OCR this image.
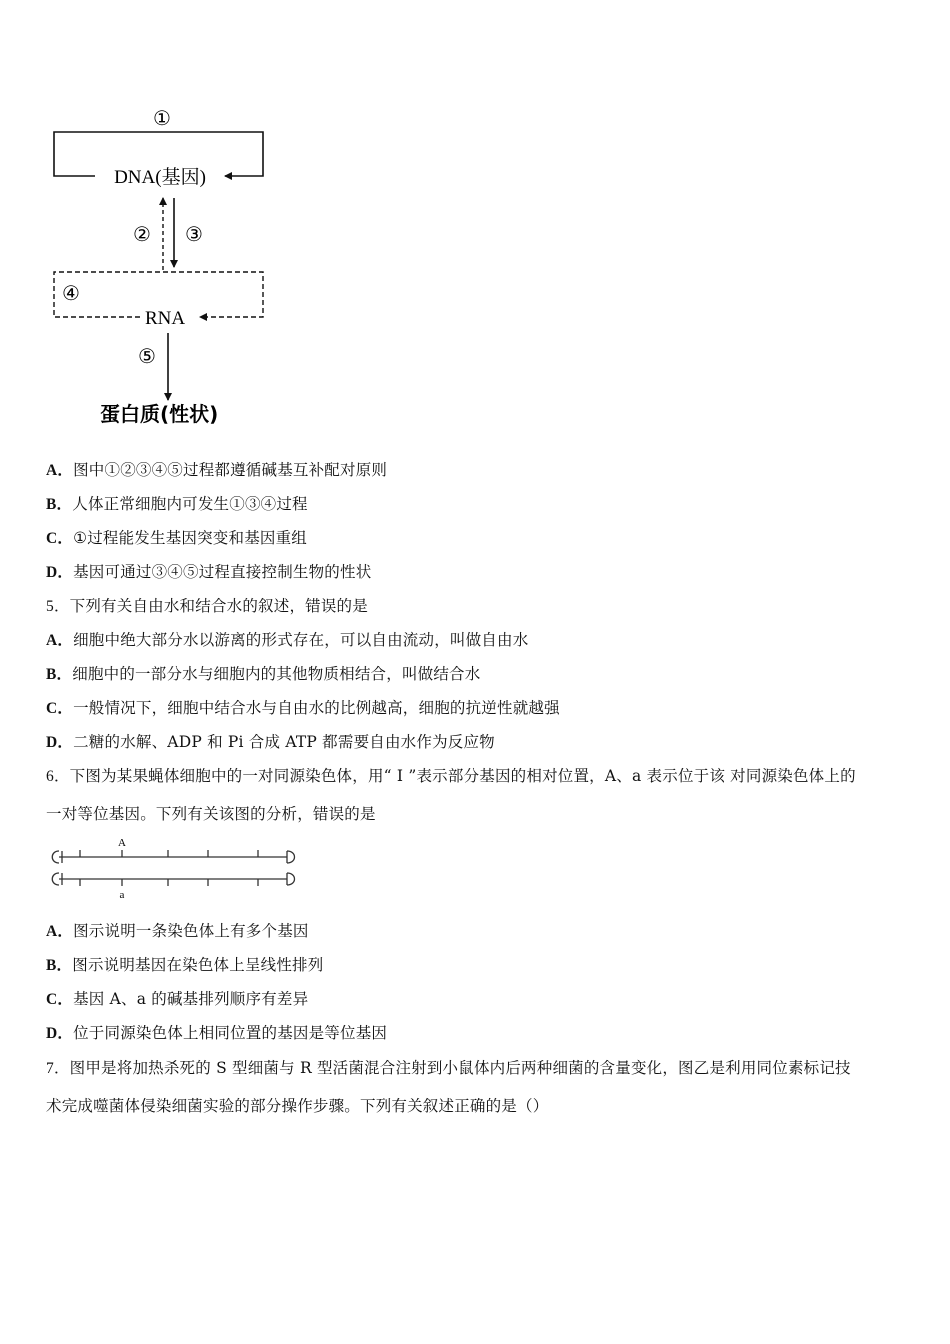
①
DNA(基因)
② ③
④
RNA
⑤
蛋白质(性状)
A．图中①②③④⑤过程都遵循碱基互补配对原则
B．人体正常细胞内可发生①③④过程
C．①过程能发生基因突变和基因重组
D．基因可通过③④⑤过程直接控制生物的性状
5．下列有关自由水和结合水的叙述，错误的是
A．细胞中绝大部分水以游离的形式存在，可以自由流动，叫做自由水
B．细胞中的一部分水与细胞内的其他物质相结合，叫做结合水
C．一般情况下，细胞中结合水与自由水的比例越高，细胞的抗逆性就越强
D．二糖的水解、ADP 和 Pi 合成 ATP 都需要自由水作为反应物
6．下图为某果蝇体细胞中的一对同源染色体，用“ I ”表示部分基因的相对位置，A、a 表示位于该 对同源染色体上的
一对等位基因。下列有关该图的分析，错误的是
A
a
A．图示说明一条染色体上有多个基因
B．图示说明基因在染色体上呈线性排列
C．基因 A、a 的碱基排列顺序有差异
D．位于同源染色体上相同位置的基因是等位基因
7．图甲是将加热杀死的 S 型细菌与 R 型活菌混合注射到小鼠体内后两种细菌的含量变化，图乙是利用同位素标记技
术完成噬菌体侵染细菌实验的部分操作步骤。下列有关叙述正确的是（）
